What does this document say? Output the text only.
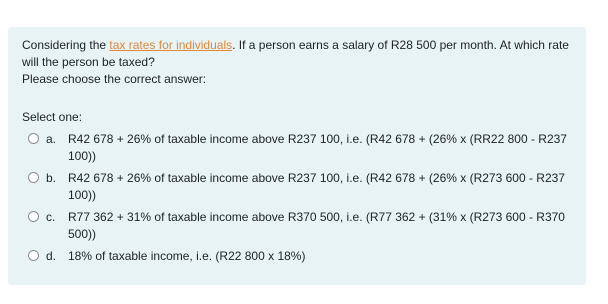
Considering the tax rates for individuals. If a person earns a salary of R28 500 per month. At which rate will the person be taxed?

Please choose the correct answer:

Select one:
a. R42 678 + 26% of taxable income above R237 100, i.e. (R42 678 + (26% x (RR22 800 - R237 100))
b. R42 678 + 26% of taxable income above R237 100, i.e. (R42 678 + (26% x (R273 600 - R237 100))
c. R77 362 + 31% of taxable income above R370 500, i.e. (R77 362 + (31% x (R273 600 - R370 500))
d. 18% of taxable income, i.e. (R22 800 x 18%)
